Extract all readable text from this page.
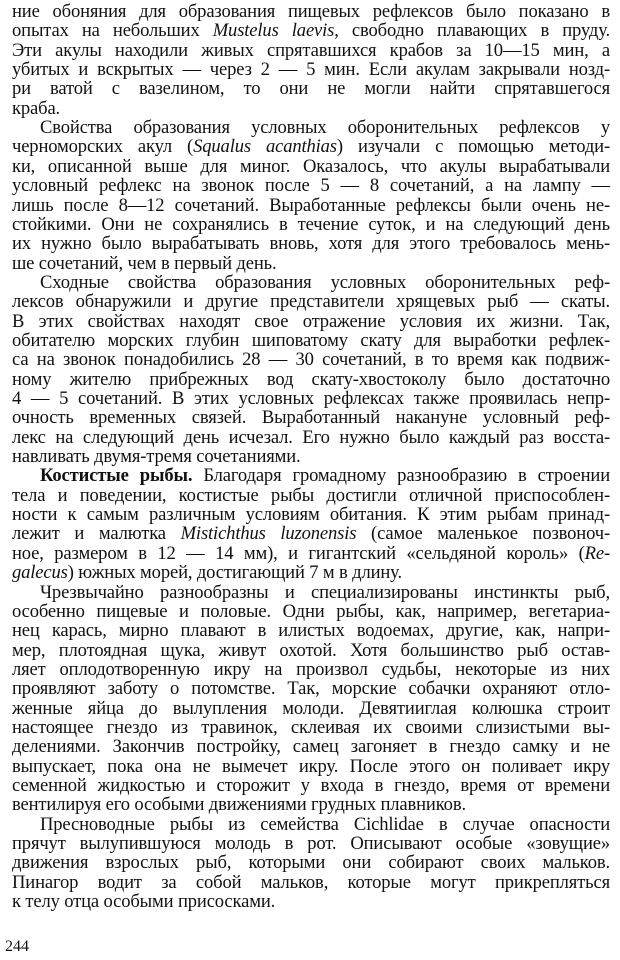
ние обоняния для образования пищевых рефлексов было показано в
опытах на небольших Mustelus laevis, свободно плавающих в пруду.
Эти акулы находили живых спрятавшихся крабов за 10—15 мин, а
убитых и вскрытых — через 2 — 5 мин. Если акулам закрывали нозд-
ри ватой с вазелином, то они не могли найти спрятавшегося
краба.
Свойства образования условных оборонительных рефлексов у
черноморских акул (Squalus acanthias) изучали с помощью методи-
ки, описанной выше для миног. Оказалось, что акулы вырабатывали
условный рефлекс на звонок после 5 — 8 сочетаний, а на лампу —
лишь после 8—12 сочетаний. Выработанные рефлексы были очень не-
стойкими. Они не сохранялись в течение суток, и на следующий день
их нужно было вырабатывать вновь, хотя для этого требовалось мень-
ше сочетаний, чем в первый день.
Сходные свойства образования условных оборонительных реф-
лексов обнаружили и другие представители хрящевых рыб — скаты.
В этих свойствах находят свое отражение условия их жизни. Так,
обитателю морских глубин шиповатому скату для выработки рефлек-
са на звонок понадобились 28 — 30 сочетаний, в то время как подвиж-
ному жителю прибрежных вод скату-хвостоколу было достаточно
4 — 5 сочетаний. В этих условных рефлексах также проявилась непр-
очность временных связей. Выработанный накануне условный реф-
лекс на следующий день исчезал. Его нужно было каждый раз восста-
навливать двумя-тремя сочетаниями.
Костистые рыбы. Благодаря громадному разнообразию в строении
тела и поведении, костистые рыбы достигли отличной приспособлен-
ности к самым различным условиям обитания. К этим рыбам принад-
лежит и малютка Mistichthus luzonensis (самое маленькое позвоноч-
ное, размером в 12 — 14 мм), и гигантский «сельдяной король» (Re-
galecus) южных морей, достигающий 7 м в длину.
Чрезвычайно разнообразны и специализированы инстинкты рыб,
особенно пищевые и половые. Одни рыбы, как, например, вегетариа-
нец карась, мирно плавают в илистых водоемах, другие, как, напри-
мер, плотоядная щука, живут охотой. Хотя большинство рыб остав-
ляет оплодотворенную икру на произвол судьбы, некоторые из них
проявляют заботу о потомстве. Так, морские собачки охраняют отло-
женные яйца до вылупления молоди. Девятииглая колюшка строит
настоящее гнездо из травинок, склеивая их своими слизистыми вы-
делениями. Закончив постройку, самец загоняет в гнездо самку и не
выпускает, пока она не вымечет икру. После этого он поливает икру
семенной жидкостью и сторожит у входа в гнездо, время от времени
вентилируя его особыми движениями грудных плавников.
Пресноводные рыбы из семейства Cichlidae в случае опасности
прячут вылупившуюся молодь в рот. Описывают особые «зовущие»
движения взрослых рыб, которыми они собирают своих мальков.
Пинагор водит за собой мальков, которые могут прикрепляться
к телу отца особыми присосками.
244
